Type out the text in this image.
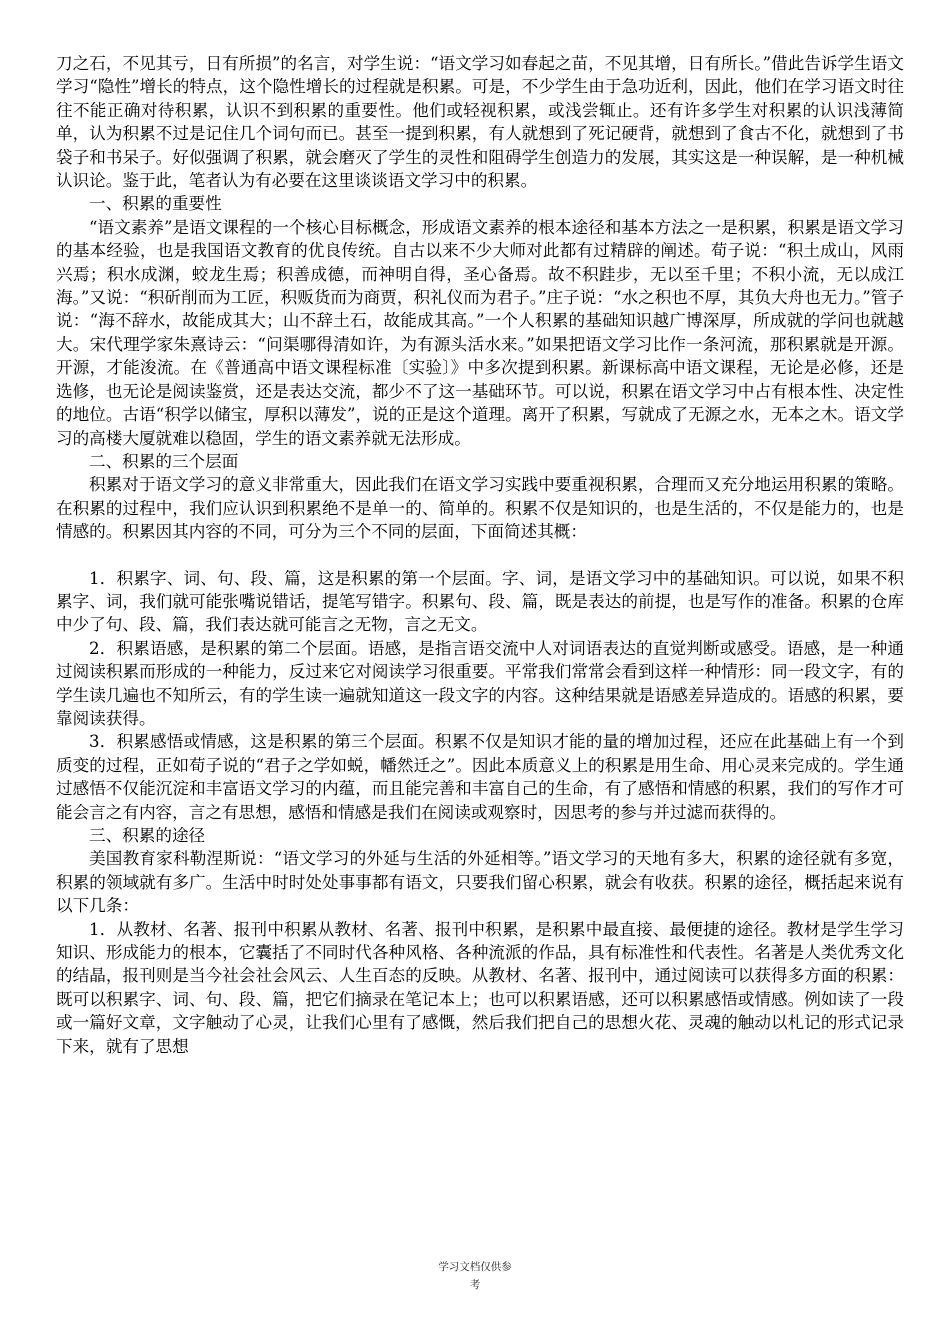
刀之石，不见其亏，日有所损”的名言，对学生说：“语文学习如春起之苗，不见其增，日有所长。”借此告诉学生语文学习“隐性”增长的特点，这个隐性增长的过程就是积累。可是，不少学生由于急功近利，因此，他们在学习语文时往往不能正确对待积累，认识不到积累的重要性。他们或轻视积累，或浅尝辄止。还有许多学生对积累的认识浅薄简单，认为积累不过是记住几个词句而已。甚至一提到积累，有人就想到了死记硬背，就想到了食古不化，就想到了书袋子和书呆子。好似强调了积累，就会磨灭了学生的灵性和阻碍学生创造力的发展，其实这是一种误解，是一种机械认识论。鉴于此，笔者认为有必要在这里谈谈语文学习中的积累。

一、积累的重要性

“语文素养”是语文课程的一个核心目标概念，形成语文素养的根本途径和基本方法之一是积累，积累是语文学习的基本经验，也是我国语文教育的优良传统。自古以来不少大师对此都有过精辟的阐述。荀子说：“积土成山，风雨兴焉；积水成渊，蛟龙生焉；积善成德，而神明自得，圣心备焉。故不积跬步，无以至千里；不积小流，无以成江海。”又说：“积斫削而为工匠，积贩货而为商贾，积礼仪而为君子。”庄子说：“水之积也不厚，其负大舟也无力。”管子说：“海不辞水，故能成其大；山不辞土石，故能成其高。”一个人积累的基础知识越广博深厚，所成就的学问也就越大。宋代理学家朱熹诗云：“问渠哪得清如许，为有源头活水来。”如果把语文学习比作一条河流，那积累就是开源。开源，才能浚流。在《普通高中语文课程标准〔实验〕》中多次提到积累。新课标高中语文课程，无论是必修，还是选修，也无论是阅读鉴赏，还是表达交流，都少不了这一基础环节。可以说，积累在语文学习中占有根本性、决定性的地位。古语“积学以储宝，厚积以薄发”，说的正是这个道理。离开了积累，写就成了无源之水，无本之木。语文学习的高楼大厦就难以稳固，学生的语文素养就无法形成。

二、积累的三个层面

积累对于语文学习的意义非常重大，因此我们在语文学习实践中要重视积累，合理而又充分地运用积累的策略。在积累的过程中，我们应认识到积累绝不是单一的、简单的。积累不仅是知识的，也是生活的，不仅是能力的，也是情感的。积累因其内容的不同，可分为三个不同的层面，下面简述其概：

1．积累字、词、句、段、篇，这是积累的第一个层面。字、词，是语文学习中的基础知识。可以说，如果不积累字、词，我们就可能张嘴说错话，提笔写错字。积累句、段、篇，既是表达的前提，也是写作的准备。积累的仓库中少了句、段、篇，我们表达就可能言之无物，言之无文。

2．积累语感，是积累的第二个层面。语感，是指言语交流中人对词语表达的直觉判断或感受。语感，是一种通过阅读积累而形成的一种能力，反过来它对阅读学习很重要。平常我们常常会看到这样一种情形：同一段文字，有的学生读几遍也不知所云，有的学生读一遍就知道这一段文字的内容。这种结果就是语感差异造成的。语感的积累，要靠阅读获得。

3．积累感悟或情感，这是积累的第三个层面。积累不仅是知识才能的量的增加过程，还应在此基础上有一个到质变的过程，正如荀子说的“君子之学如蜕，幡然迁之”。因此本质意义上的积累是用生命、用心灵来完成的。学生通过感悟不仅能沉淀和丰富语文学习的内蕴，而且能完善和丰富自己的生命，有了感悟和情感的积累，我们的写作才可能会言之有内容，言之有思想，感悟和情感是我们在阅读或观察时，因思考的参与并过滤而获得的。

三、积累的途径

美国教育家科勒涅斯说：“语文学习的外延与生活的外延相等。”语文学习的天地有多大，积累的途径就有多宽，积累的领域就有多广。生活中时时处处事事都有语文，只要我们留心积累，就会有收获。积累的途径，概括起来说有以下几条：

1．从教材、名著、报刊中积累从教材、名著、报刊中积累，是积累中最直接、最便捷的途径。教材是学生学习知识、形成能力的根本，它囊括了不同时代各种风格、各种流派的作品，具有标准性和代表性。名著是人类优秀文化的结晶，报刊则是当今社会社会风云、人生百态的反映。从教材、名著、报刊中，通过阅读可以获得多方面的积累：既可以积累字、词、句、段、篇，把它们摘录在笔记本上；也可以积累语感，还可以积累感悟或情感。例如读了一段或一篇好文章，文字触动了心灵，让我们心里有了感慨，然后我们把自己的思想火花、灵魂的触动以札记的形式记录下来，就有了思想

学习文档仅供参
考
